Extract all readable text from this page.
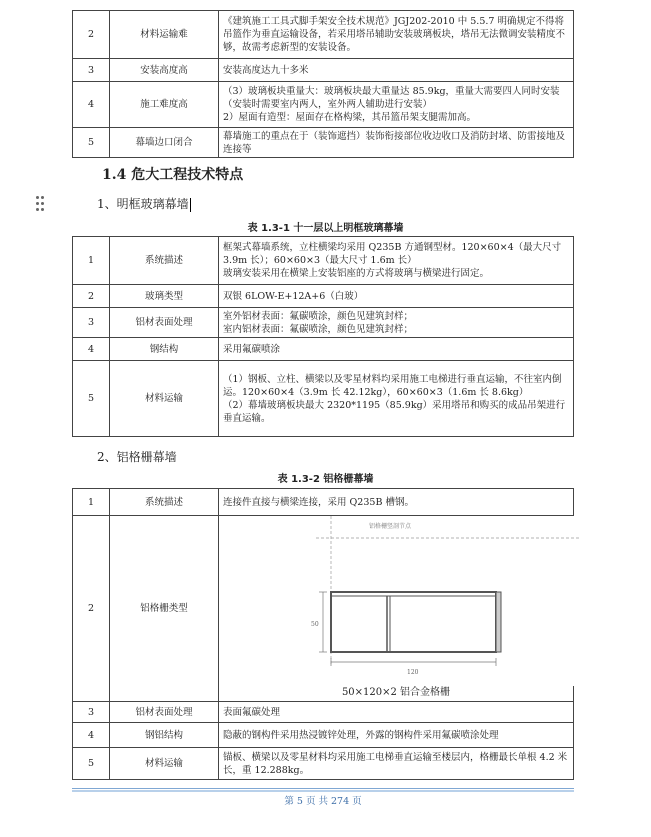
2	材料运输难	《建筑施工工具式脚手架安全技术规范》JGJ202-2010 中 5.5.7 明确规定不得将吊篮作为垂直运输设备，若采用塔吊辅助安装玻璃板块，塔吊无法微调安装精度不够，故需考虑新型的安装设备。
3	安装高度高	安装高度达九十多米
4	施工难度高	（3）玻璃板块重量大：玻璃板块最大重量达 85.9kg，重量大需要四人同时安装（安装时需要室内两人，室外两人辅助进行安装）
2）屋面有造型：屋面存在格构梁，其吊篮吊架支腿需加高。
5	幕墙边口闭合	幕墙施工的重点在于（装饰遮挡）装饰衔接部位收边收口及消防封堵、防雷接地及连接等
1.4 危大工程技术特点
1、明框玻璃幕墙
表 1.3-1 十一层以上明框玻璃幕墙
1	系统描述	框架式幕墙系统，立柱横梁均采用 Q235B 方通钢型材。120×60×4（最大尺寸 3.9m 长）；60×60×3（最大尺寸 1.6m 长）
玻璃安装采用在横梁上安装铝座的方式将玻璃与横梁进行固定。
2	玻璃类型	双银 6LOW-E+12A+6（白玻）
3	铝材表面处理	室外铝材表面：氟碳喷涂，颜色见建筑封样；
室内铝材表面：氟碳喷涂，颜色见建筑封样；
4	钢结构	采用氟碳喷涂
5	材料运输	（1）钢板、立柱、横梁以及零星材料均采用施工电梯进行垂直运输，不往室内倒运。120×60×4（3.9m 长 42.12kg），60×60×3（1.6m 长 8.6kg）
（2）幕墙玻璃板块最大 2320*1195（85.9kg）采用塔吊和购买的成品吊架进行垂直运输。
2、铝格栅幕墙
表 1.3-2 铝格栅幕墙
1	系统描述	连接件直接与横梁连接，采用 Q235B 槽钢。
2	铝格栅类型	铝格栅竖剖节点
50
120
50×120×2 铝合金格栅

3	铝材表面处理	表面氟碳处理
4	钢铝结构	隐蔽的钢构件采用热浸镀锌处理，外露的钢构件采用氟碳喷涂处理
5	材料运输	锚板、横梁以及零星材料均采用施工电梯垂直运输至楼层内，格栅最长单根 4.2 米长，重 12.288kg。
第 5 页 共 274 页
